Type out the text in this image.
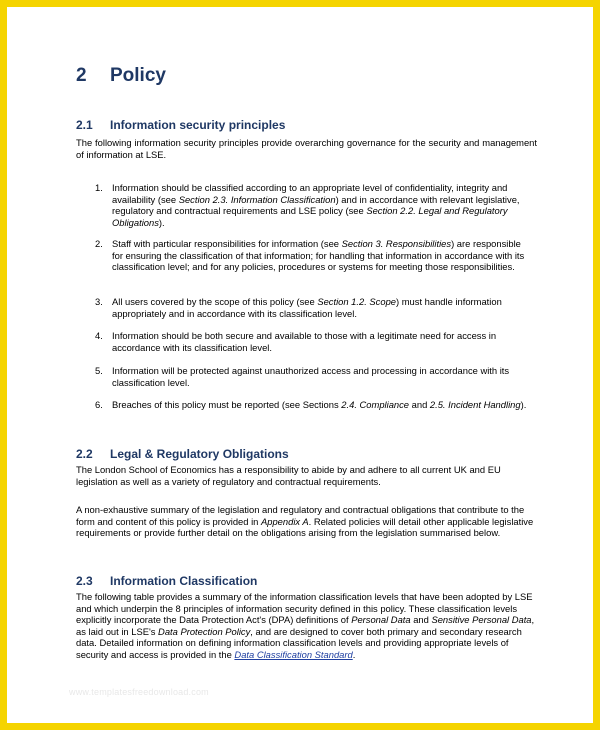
2 Policy
2.1 Information security principles

The following information security principles provide overarching governance for the security and management of information at LSE.

1. Information should be classified according to an appropriate level of confidentiality, integrity and availability (see Section 2.3. Information Classification) and in accordance with relevant legislative, regulatory and contractual requirements and LSE policy (see Section 2.2. Legal and Regulatory Obligations).
2. Staff with particular responsibilities for information (see Section 3. Responsibilities) are responsible for ensuring the classification of that information; for handling that information in accordance with its classification level; and for any policies, procedures or systems for meeting those responsibilities.
3. All users covered by the scope of this policy (see Section 1.2. Scope) must handle information appropriately and in accordance with its classification level.
4. Information should be both secure and available to those with a legitimate need for access in accordance with its classification level.
5. Information will be protected against unauthorized access and processing in accordance with its classification level.
6. Breaches of this policy must be reported (see Sections 2.4. Compliance and 2.5. Incident Handling).
2.2 Legal & Regulatory Obligations

The London School of Economics has a responsibility to abide by and adhere to all current UK and EU legislation as well as a variety of regulatory and contractual requirements.

A non-exhaustive summary of the legislation and regulatory and contractual obligations that contribute to the form and content of this policy is provided in Appendix A. Related policies will detail other applicable legislative requirements or provide further detail on the obligations arising from the legislation summarised below.

2.3 Information Classification

The following table provides a summary of the information classification levels that have been adopted by LSE and which underpin the 8 principles of information security defined in this policy. These classification levels explicitly incorporate the Data Protection Act's (DPA) definitions of Personal Data and Sensitive Personal Data, as laid out in LSE's Data Protection Policy, and are designed to cover both primary and secondary research data. Detailed information on defining information classification levels and providing appropriate levels of security and access is provided in the Data Classification Standard.

www.templatesfreedownload.com
